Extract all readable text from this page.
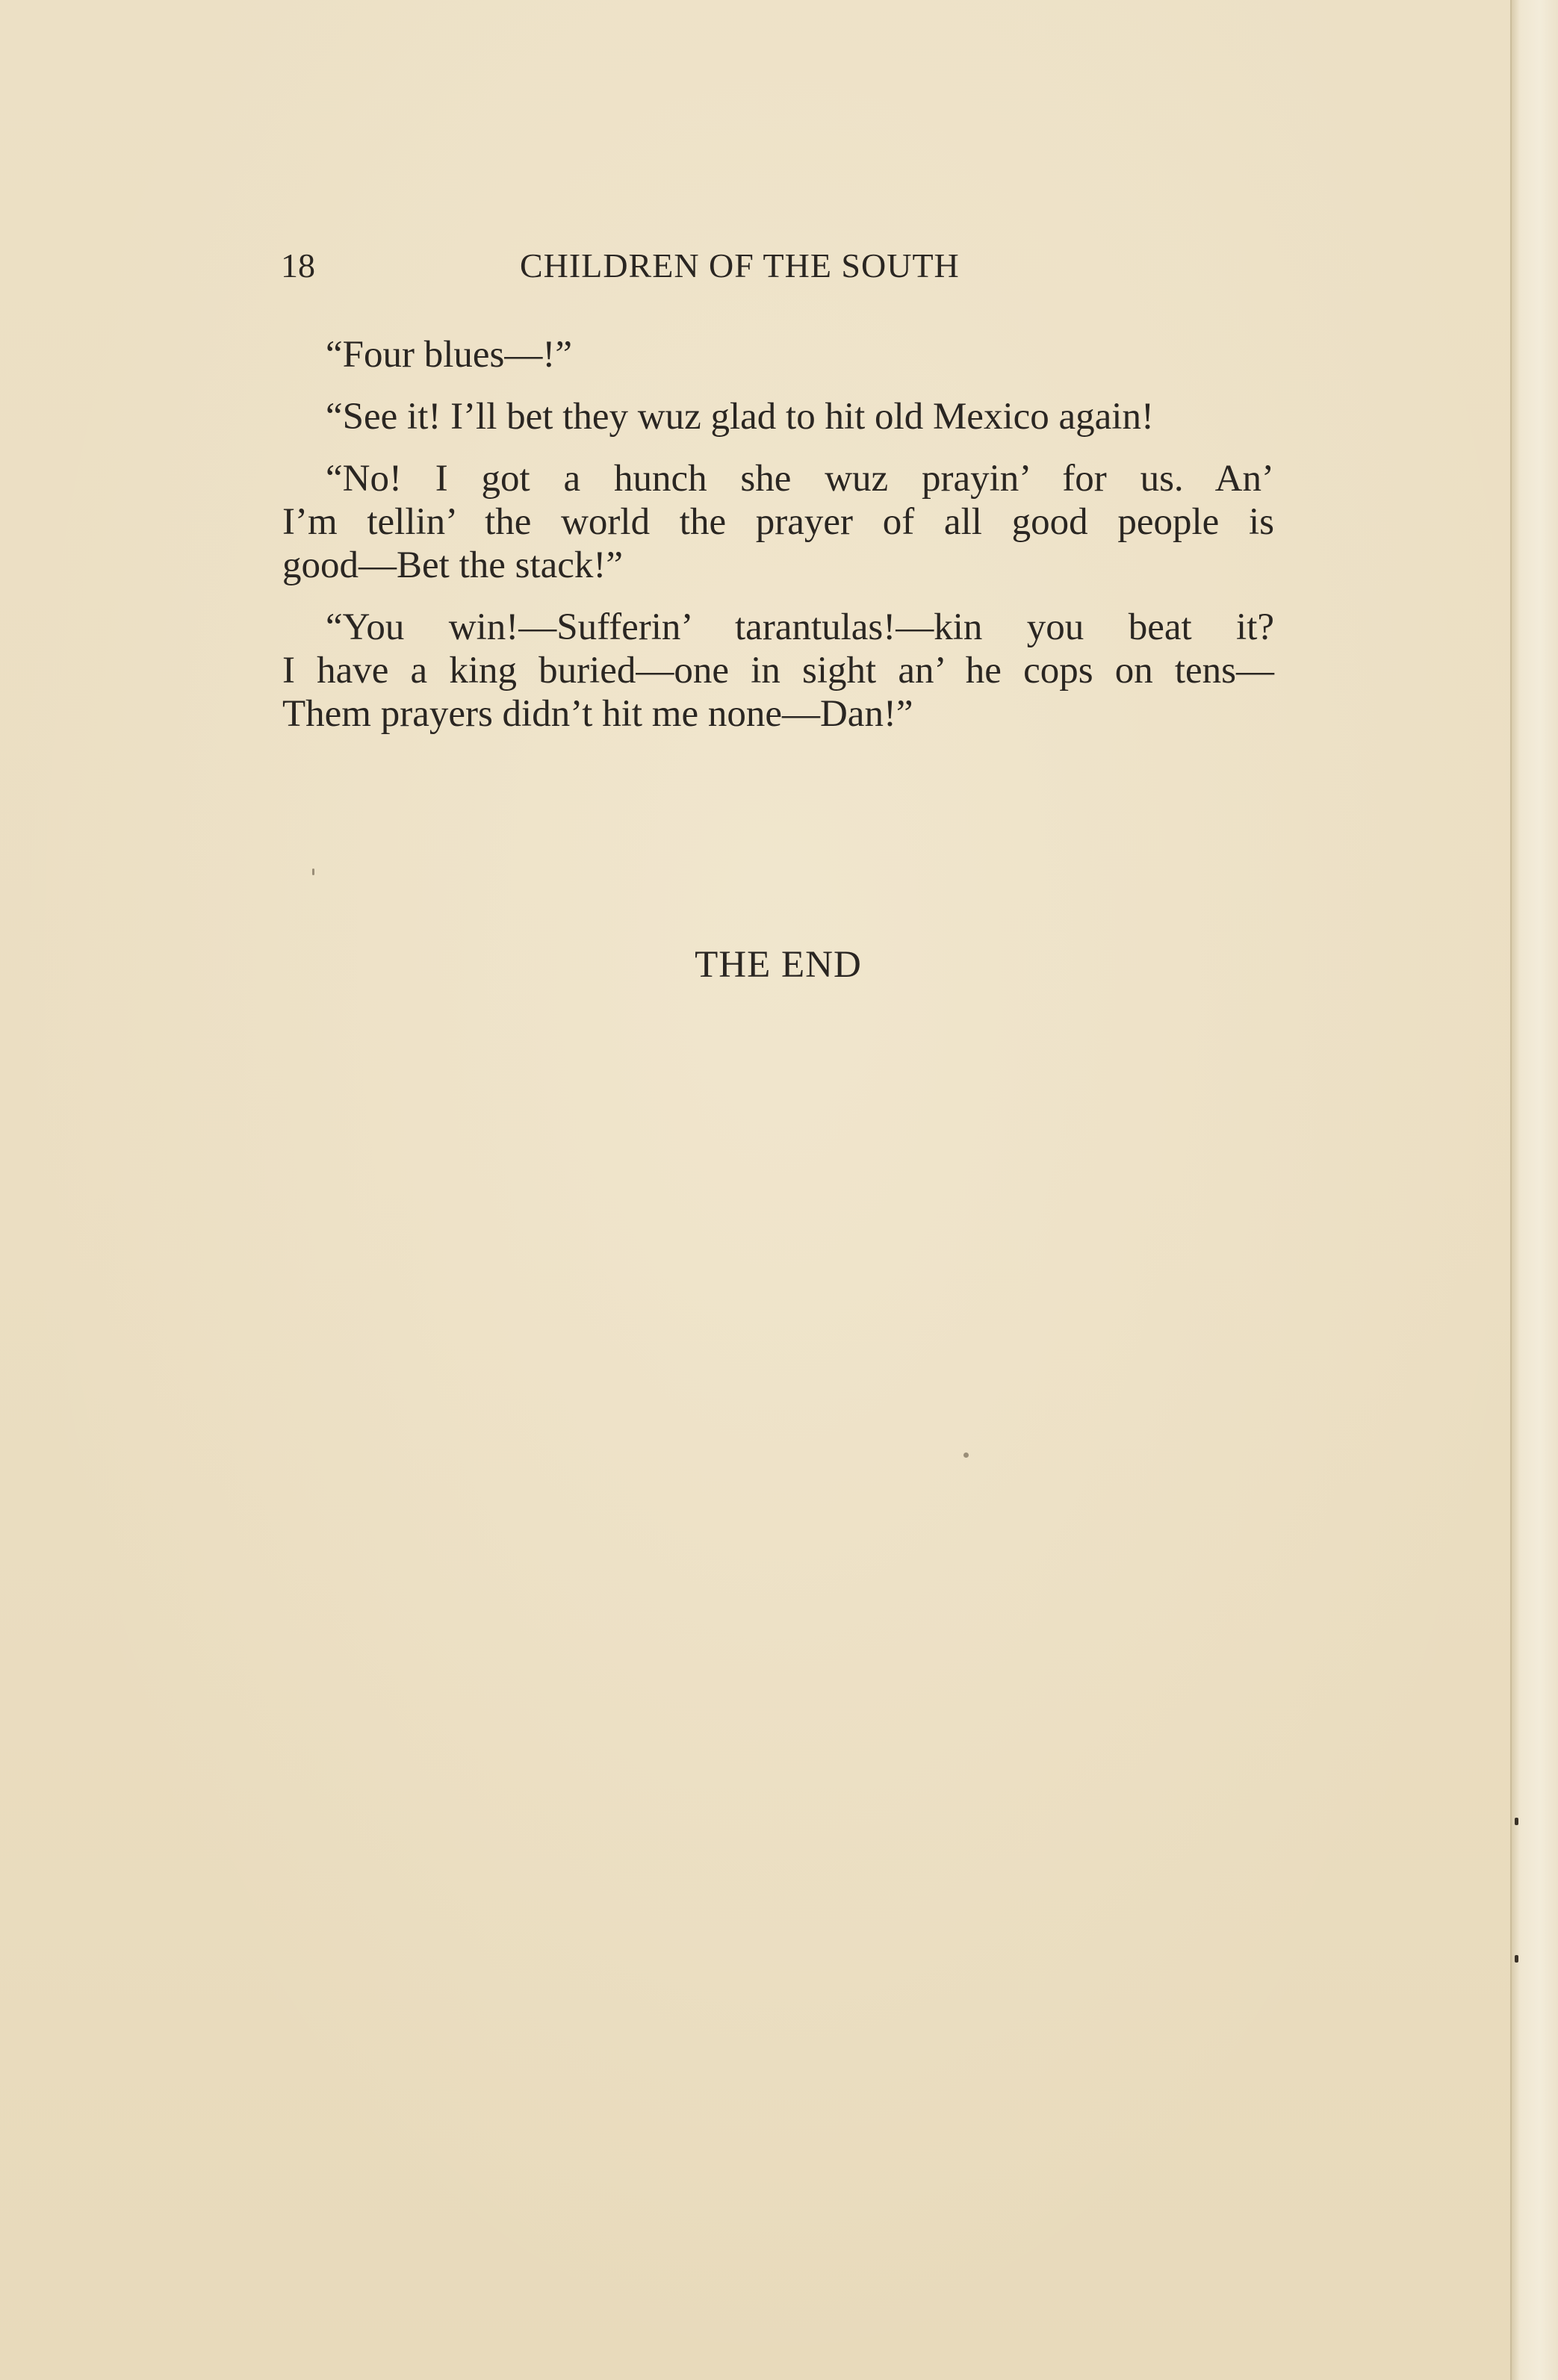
18	CHILDREN OF THE SOUTH

“Four blues—!”

“See it! I’ll bet they wuz glad to hit old Mexico again!

“No! I got a hunch she wuz prayin’ for us. An’
I’m tellin’ the world the prayer of all good people is
good—Bet the stack!”

“You win!—Sufferin’ tarantulas!—kin you beat it?
I have a king buried—one in sight an’ he cops on tens—
Them prayers didn’t hit me none—Dan!”

THE END
